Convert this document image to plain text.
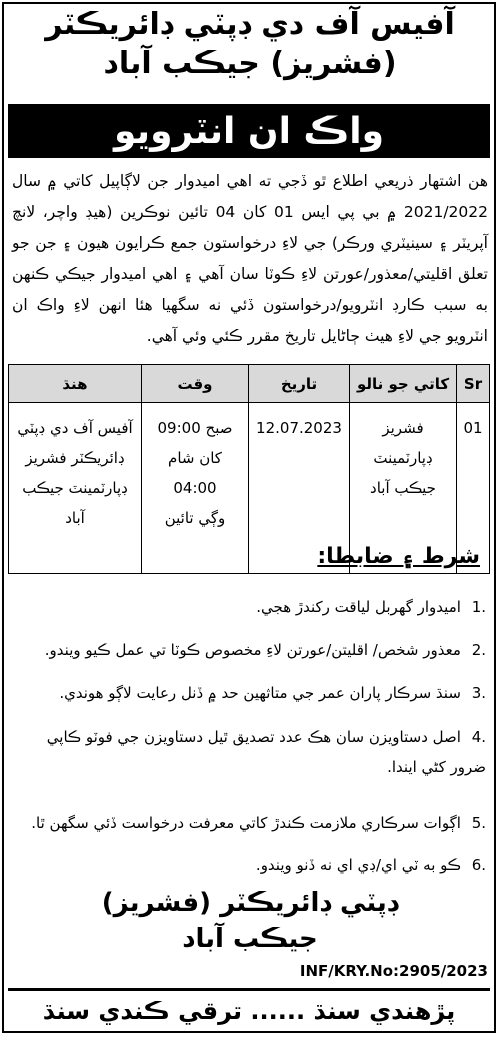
آفيس آف دي ڊپٽي ڊائريڪٽر
(فشريز) جيڪب آباد
واڪ ان انٽرويو
هن اشتهار ذريعي اطلاع ٿو ڏجي ته اهي اميدوار جن لاڳاپيل کاتي ۾ سال 2021/2022 ۾ بي پي ايس 01 کان 04 تائين نوڪرين (هيڊ واچر، لانچ آپريٽر ۽ سينيٽري ورڪر) جي لاءِ درخواستون جمع ڪرايون هيون ۽ جن جو تعلق اقليتي/معذور/عورتن لاءِ ڪوٽا سان آهي ۽ اهي اميدوار جيڪي ڪنهن به سبب ڪارڊ انٽرويو/درخواستون ڏئي نه سگهيا هئا انهن لاءِ واڪ ان انٽرويو جي لاءِ هيٺ ڄاڻايل تاريخ مقرر ڪئي وئي آهي.
Sr	کاتي جو نالو	تاريخ	وقت	هنڌ
01	فشريز ڊپارٽمينٽ جيڪب آباد	12.07.2023	صبح 09:00
کان شام 04:00
وڳي تائين	آفيس آف دي ڊپٽي ڊائريڪٽر فشريز ڊپارٽمينٽ جيڪب آباد
شرط ۽ ضابطا:
1. اميدوار گهربل لياقت رکندڙ هجي.
2. معذور شخص/ اقليتن/عورتن لاءِ مخصوص ڪوٽا تي عمل ڪيو ويندو.
3. سنڌ سرڪار پاران عمر جي متاثهين حد ۾ ڏنل رعايت لاڳو هوندي.
4. اصل دستاويزن سان هڪ عدد تصديق ٿيل دستاويزن جي فوٽو ڪاپي ضرور کڻي ايندا.
5. اڳوات سرڪاري ملازمت ڪندڙ کاتي معرفت درخواست ڏئي سگهن ٿا.
6. ڪو به ٽي اي/ڊي اي نه ڏنو ويندو.
ڊپٽي ڊائريڪٽر (فشريز)
جيڪب آباد
INF/KRY.No:2905/2023
پڙهندي سنڌ ...... ترقي ڪندي سنڌ
